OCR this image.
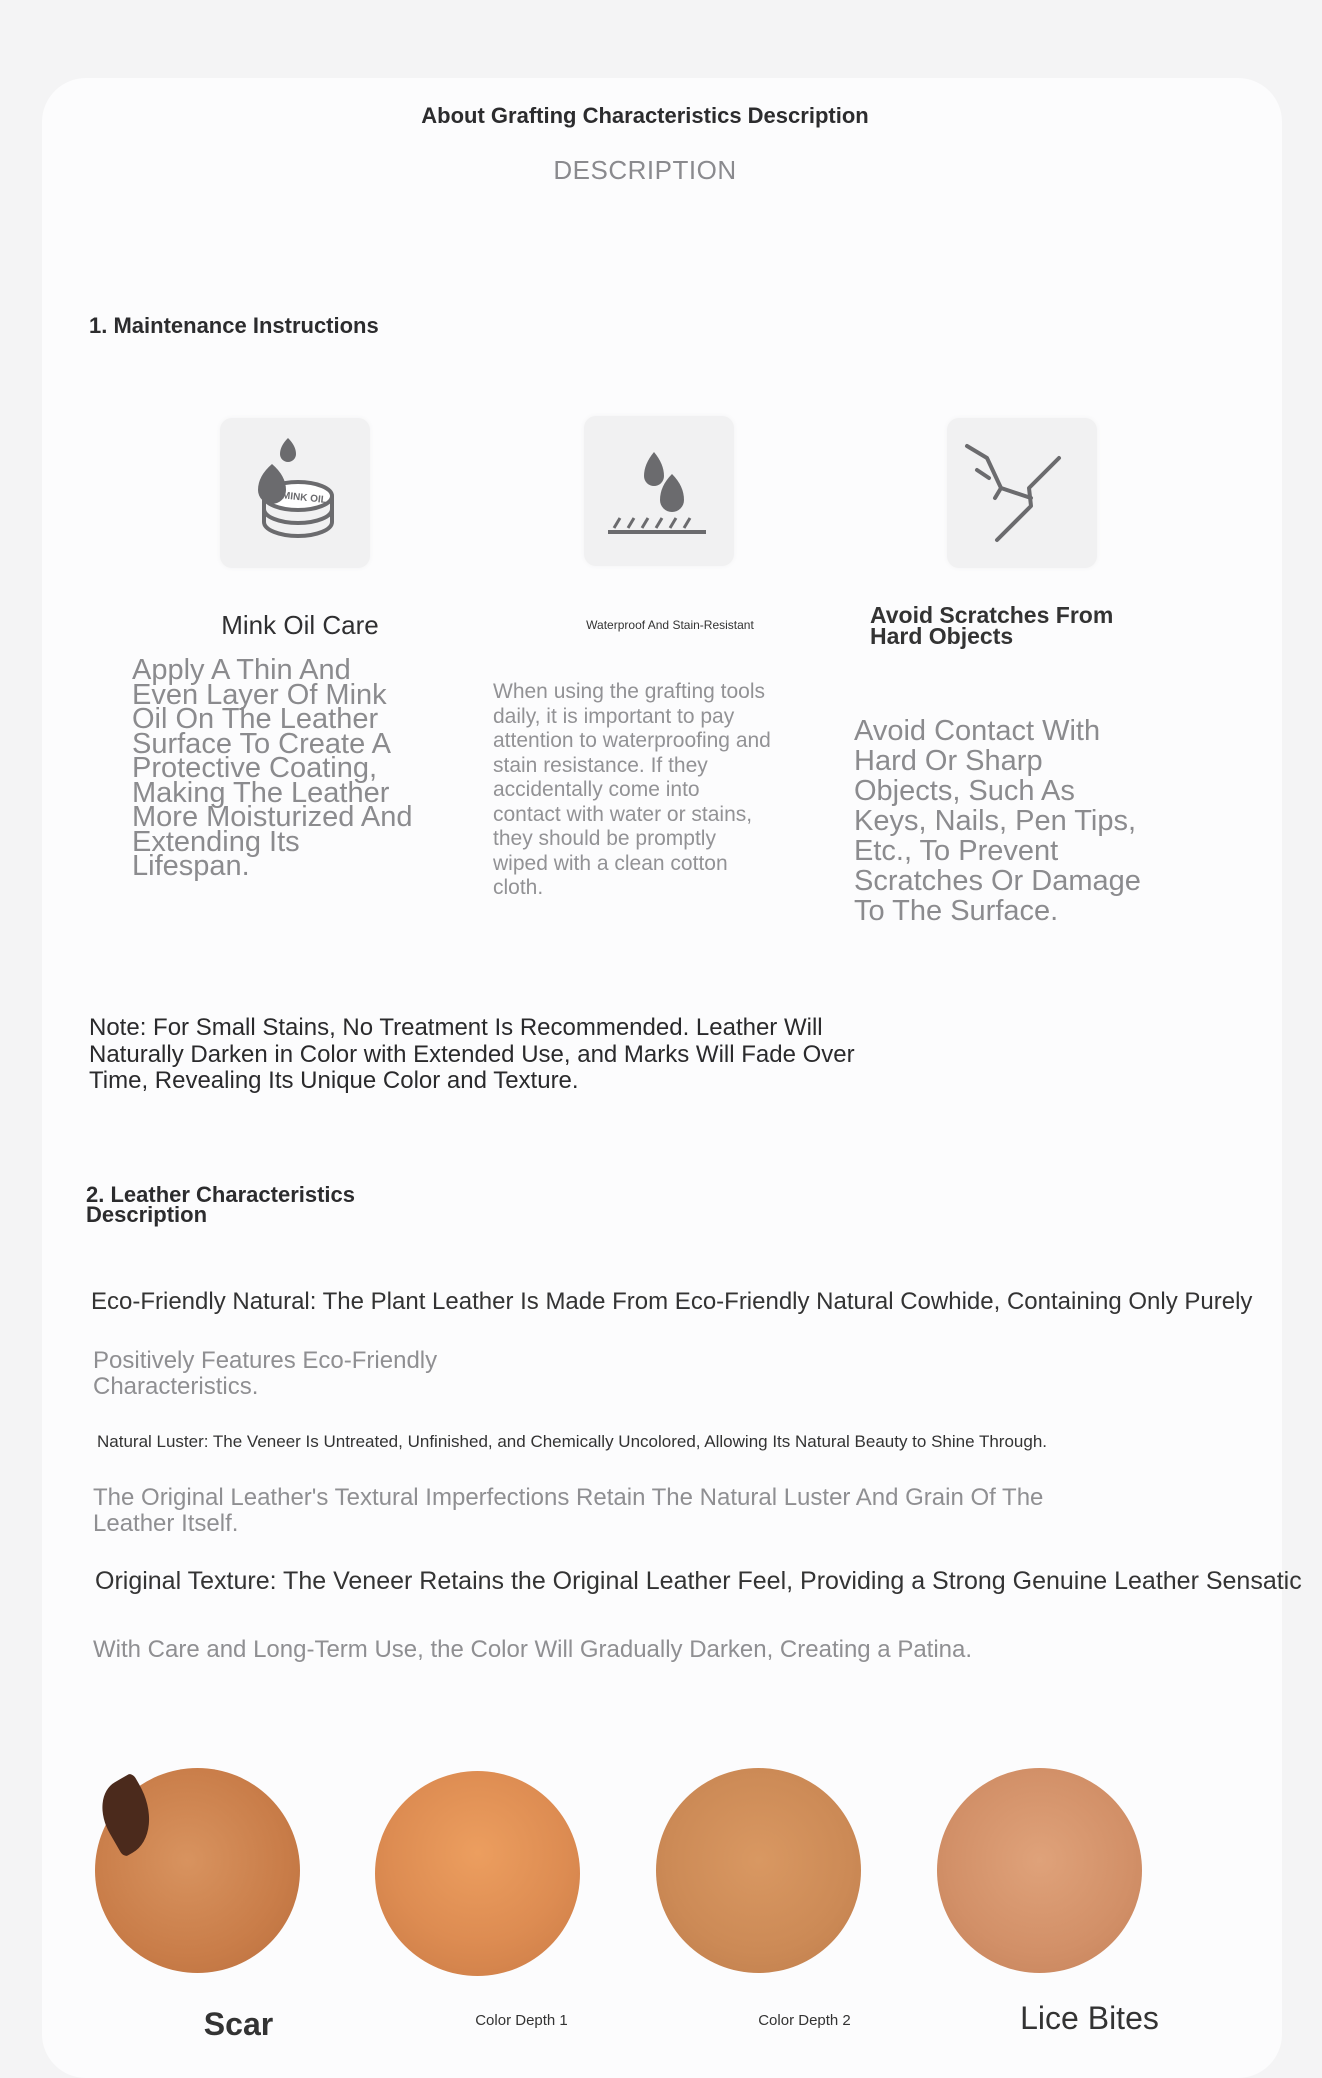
About Grafting Characteristics Description
DESCRIPTION
1. Maintenance Instructions
MINK OIL
Mink Oil Care	Waterproof And Stain-Resistant	Avoid Scratches From Hard Objects
Apply A Thin And Even Layer Of Mink Oil On The Leather Surface To Create A Protective Coating, Making The Leather More Moisturized And Extending Its Lifespan.
When using the grafting tools daily, it is important to pay attention to waterproofing and stain resistance. If they accidentally come into contact with water or stains, they should be promptly wiped with a clean cotton cloth.
Avoid Contact With Hard Or Sharp Objects, Such As Keys, Nails, Pen Tips, Etc., To Prevent Scratches Or Damage To The Surface.
Note: For Small Stains, No Treatment Is Recommended. Leather Will Naturally Darken in Color with Extended Use, and Marks Will Fade Over Time, Revealing Its Unique Color and Texture.
2. Leather Characteristics Description
Eco-Friendly Natural: The Plant Leather Is Made From Eco-Friendly Natural Cowhide, Containing Only Purely
Positively Features Eco-Friendly Characteristics.
Natural Luster: The Veneer Is Untreated, Unfinished, and Chemically Uncolored, Allowing Its Natural Beauty to Shine Through.
The Original Leather's Textural Imperfections Retain The Natural Luster And Grain Of The Leather Itself.
Original Texture: The Veneer Retains the Original Leather Feel, Providing a Strong Genuine Leather Sensatic
With Care and Long-Term Use, the Color Will Gradually Darken, Creating a Patina.
Scar	Color Depth 1	Color Depth 2	Lice Bites
